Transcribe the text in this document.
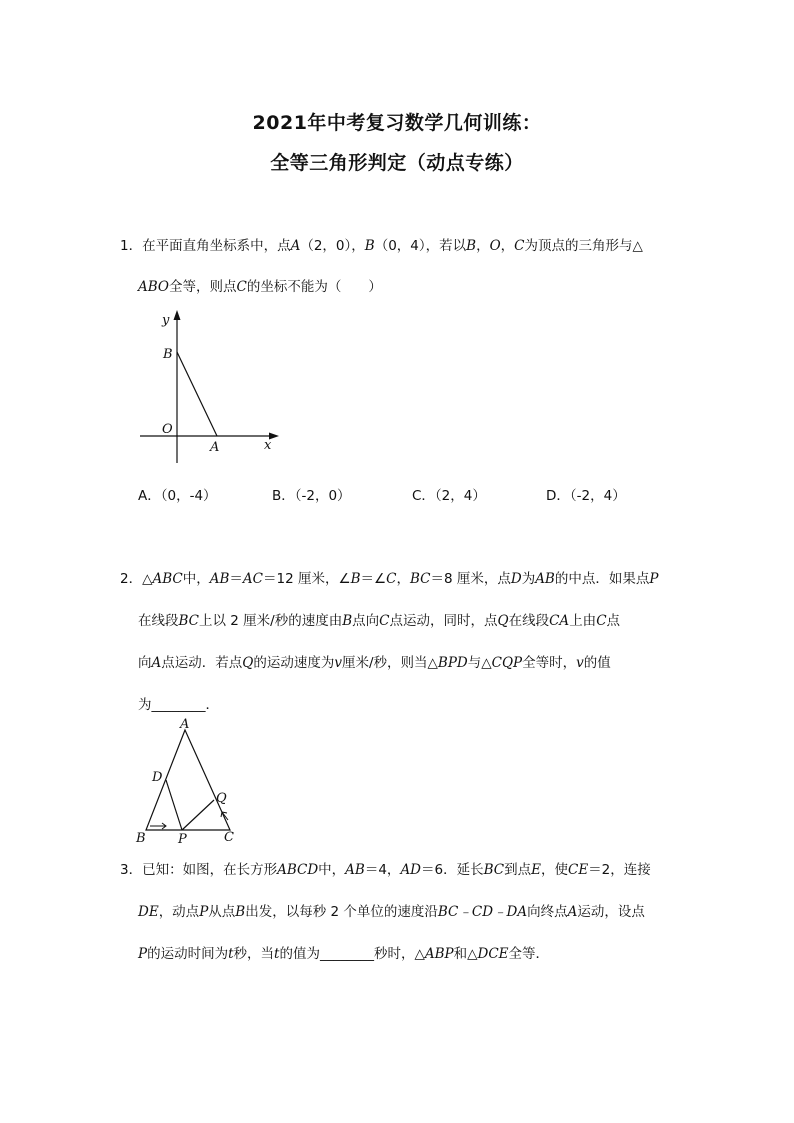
2021年中考复习数学几何训练：
全等三角形判定（动点专练）
1．在平面直角坐标系中，点A（2，0），B（0，4），若以B，O，C为顶点的三角形与△
ABO全等，则点C的坐标不能为（　　）
y
B
O
A	x
A．（0，-4）	B．（-2，0）	C．（2，4）	D．（-2，4）
2．△ABC中，AB＝AC＝12 厘米，∠B＝∠C，BC＝8 厘米，点D为AB的中点．如果点P
在线段BC上以 2 厘米/秒的速度由B点向C点运动，同时，点Q在线段CA上由C点
向A点运动．若点Q的运动速度为v厘米/秒，则当△BPD与△CQP全等时，v的值
为________．
A
D
Q
B P	C
3．已知：如图，在长方形ABCD中，AB＝4，AD＝6．延长BC到点E，使CE＝2，连接
DE，动点P从点B出发，以每秒 2 个单位的速度沿BC﹣CD﹣DA向终点A运动，设点
P的运动时间为t秒，当t的值为________秒时，△ABP和△DCE全等．
